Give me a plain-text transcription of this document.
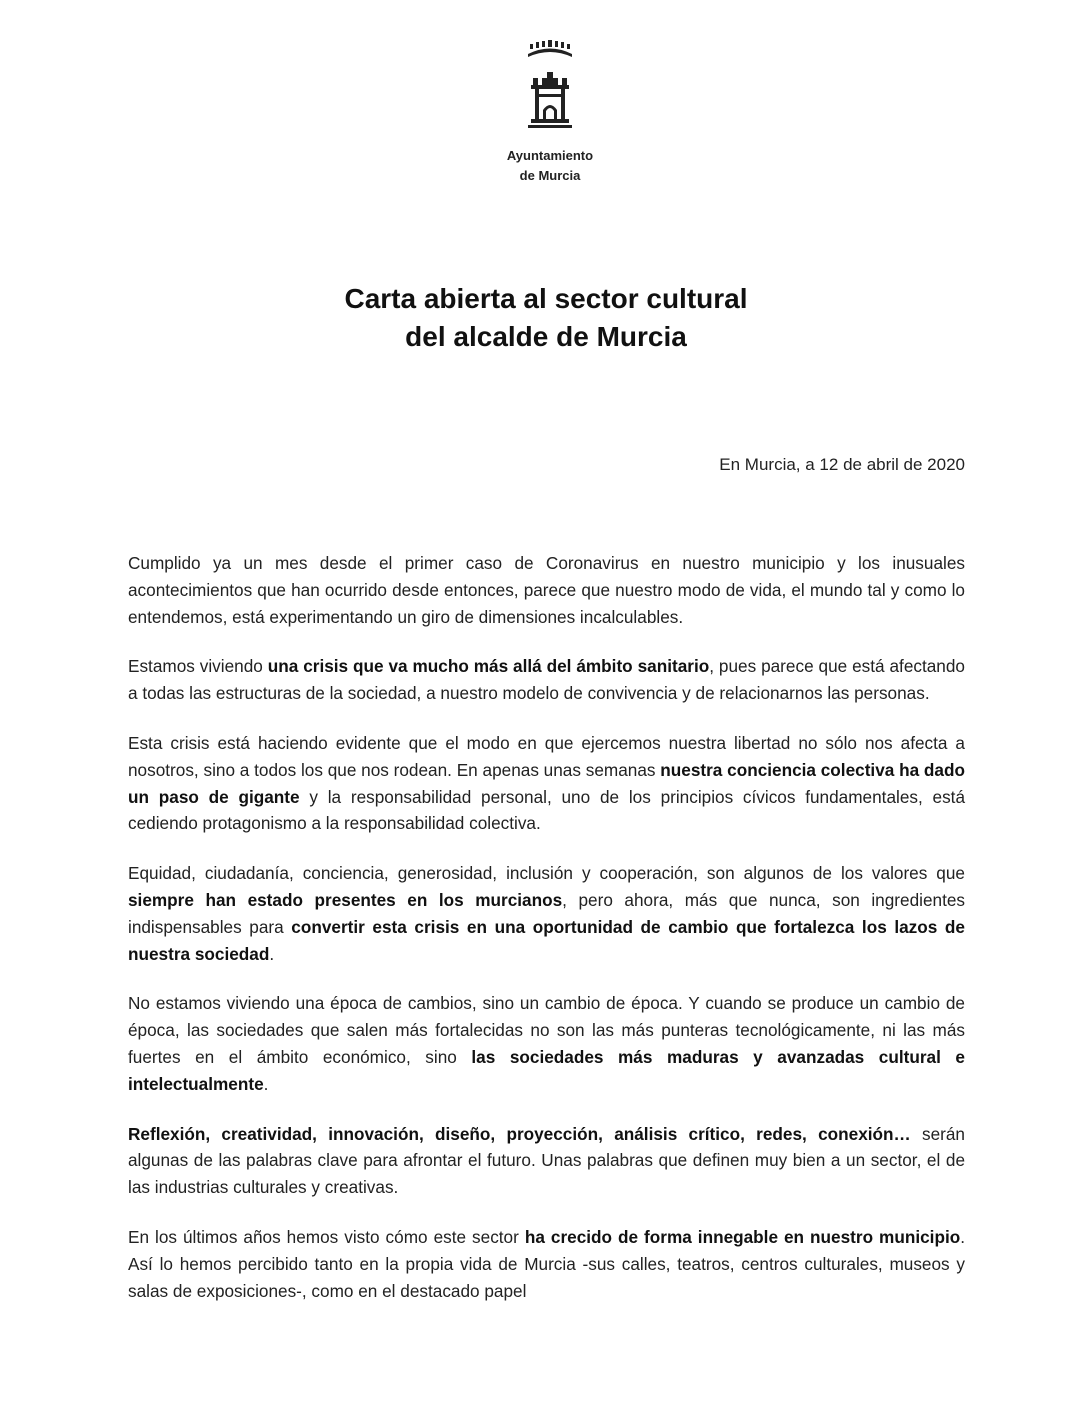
Ayuntamiento
de Murcia
Carta abierta al sector cultural
del alcalde de Murcia
En Murcia, a 12 de abril de 2020

Cumplido ya un mes desde el primer caso de Coronavirus en nuestro municipio y los inusuales acontecimientos que han ocurrido desde entonces, parece que nuestro modo de vida, el mundo tal y como lo entendemos, está experimentando un giro de dimensiones incalculables.

Estamos viviendo una crisis que va mucho más allá del ámbito sanitario, pues parece que está afectando a todas las estructuras de la sociedad, a nuestro modelo de convivencia y de relacionarnos las personas.

Esta crisis está haciendo evidente que el modo en que ejercemos nuestra libertad no sólo nos afecta a nosotros, sino a todos los que nos rodean. En apenas unas semanas nuestra conciencia colectiva ha dado un paso de gigante y la responsabilidad personal, uno de los principios cívicos fundamentales, está cediendo protagonismo a la responsabilidad colectiva.

Equidad, ciudadanía, conciencia, generosidad, inclusión y cooperación, son algunos de los valores que siempre han estado presentes en los murcianos, pero ahora, más que nunca, son ingredientes indispensables para convertir esta crisis en una oportunidad de cambio que fortalezca los lazos de nuestra sociedad.

No estamos viviendo una época de cambios, sino un cambio de época. Y cuando se produce un cambio de época, las sociedades que salen más fortalecidas no son las más punteras tecnológicamente, ni las más fuertes en el ámbito económico, sino las sociedades más maduras y avanzadas cultural e intelectualmente.

Reflexión, creatividad, innovación, diseño, proyección, análisis crítico, redes, conexión… serán algunas de las palabras clave para afrontar el futuro. Unas palabras que definen muy bien a un sector, el de las industrias culturales y creativas.

En los últimos años hemos visto cómo este sector ha crecido de forma innegable en nuestro municipio. Así lo hemos percibido tanto en la propia vida de Murcia -sus calles, teatros, centros culturales, museos y salas de exposiciones-, como en el destacado papel
